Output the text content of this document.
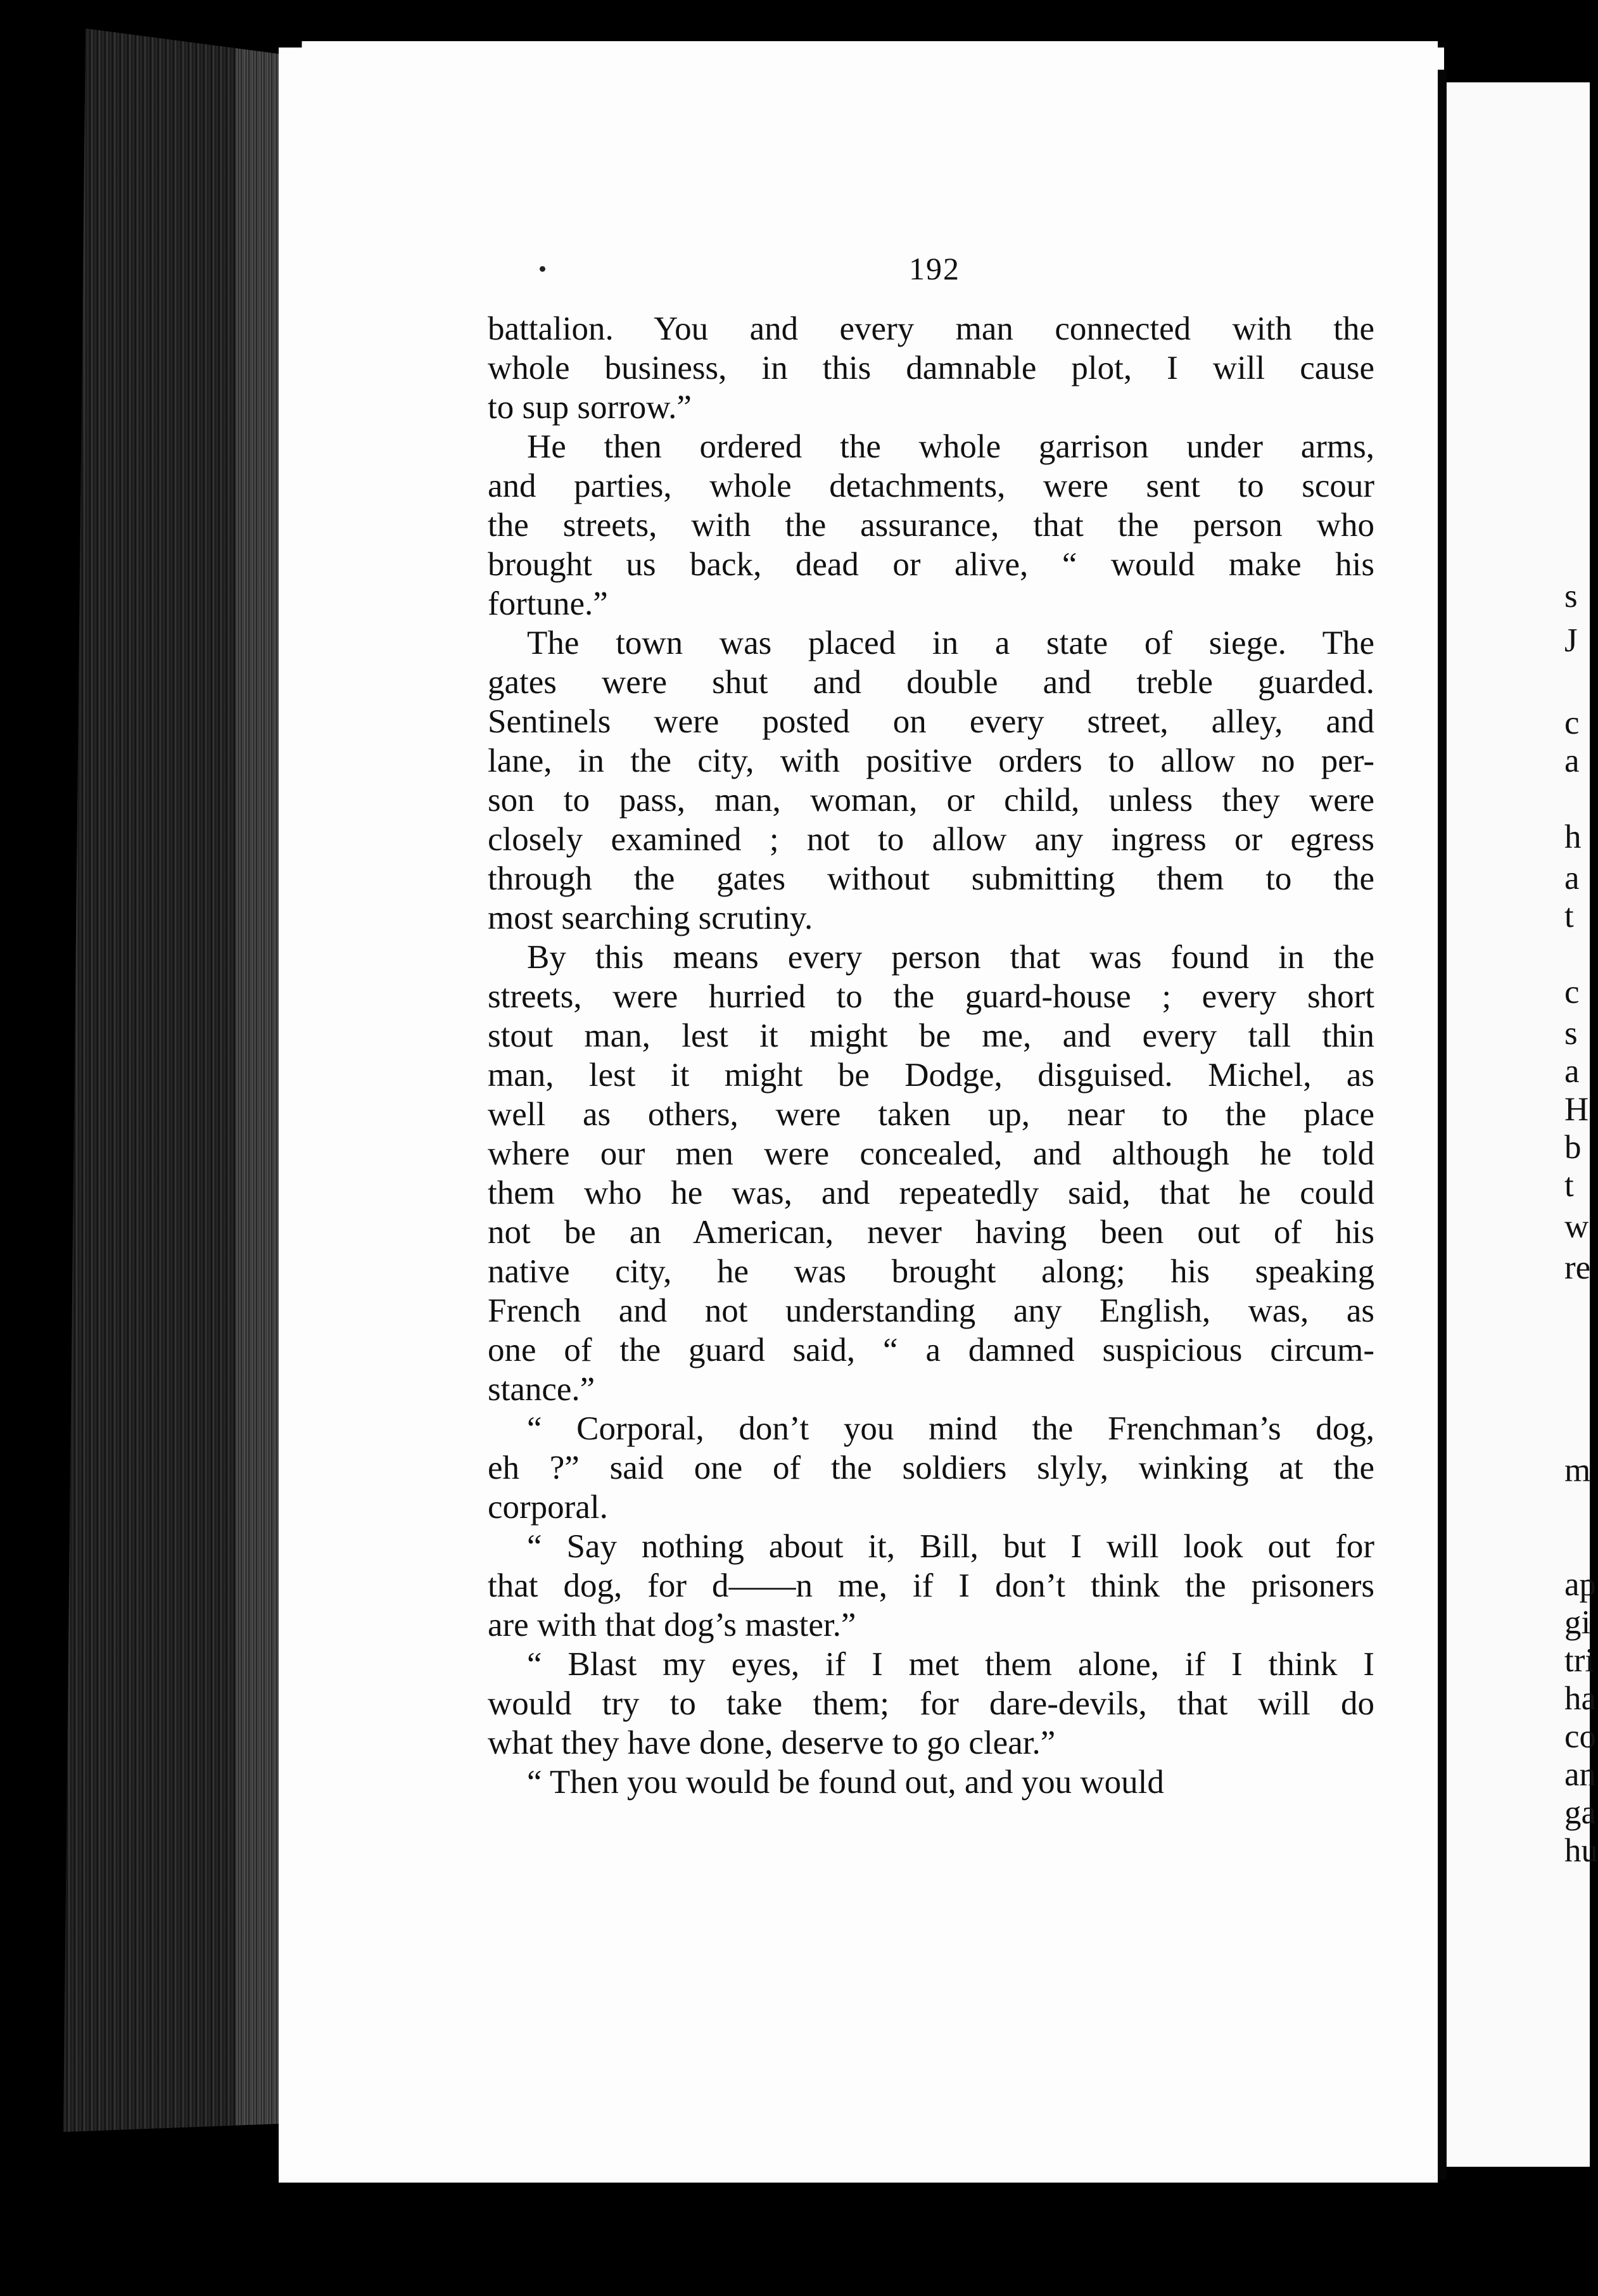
192

battalion. You and every man connected with the
whole business, in this damnable plot, I will cause
to sup sorrow.”

He then ordered the whole garrison under arms,
and parties, whole detachments, were sent to scour
the streets, with the assurance, that the person who
brought us back, dead or alive, “ would make his
fortune.”

The town was placed in a state of siege. The
gates were shut and double and treble guarded.
Sentinels were posted on every street, alley, and
lane, in the city, with positive orders to allow no per-
son to pass, man, woman, or child, unless they were
closely examined ; not to allow any ingress or egress
through the gates without submitting them to the
most searching scrutiny.

By this means every person that was found in the
streets, were hurried to the guard-house ; every short
stout man, lest it might be me, and every tall thin
man, lest it might be Dodge, disguised. Michel, as
well as others, were taken up, near to the place
where our men were concealed, and although he told
them who he was, and repeatedly said, that he could
not be an American, never having been out of his
native city, he was brought along; his speaking
French and not understanding any English, was, as
one of the guard said, “ a damned suspicious circum-
stance.”

“ Corporal, don’t you mind the Frenchman’s dog,
eh ?” said one of the soldiers slyly, winking at the
corporal.

“ Say nothing about it, Bill, but I will look out for
that dog, for d——n me, if I don’t think the prisoners
are with that dog’s master.”

“ Blast my eyes, if I met them alone, if I think I
would try to take them; for dare-devils, that will do
what they have done, deserve to go clear.”

“ Then you would be found out, and you would

s
J
c
a
h
a
t
c
s
a
H
b
t
w
re
m
ap
gi
tri
ha
co
an
ga
hu
